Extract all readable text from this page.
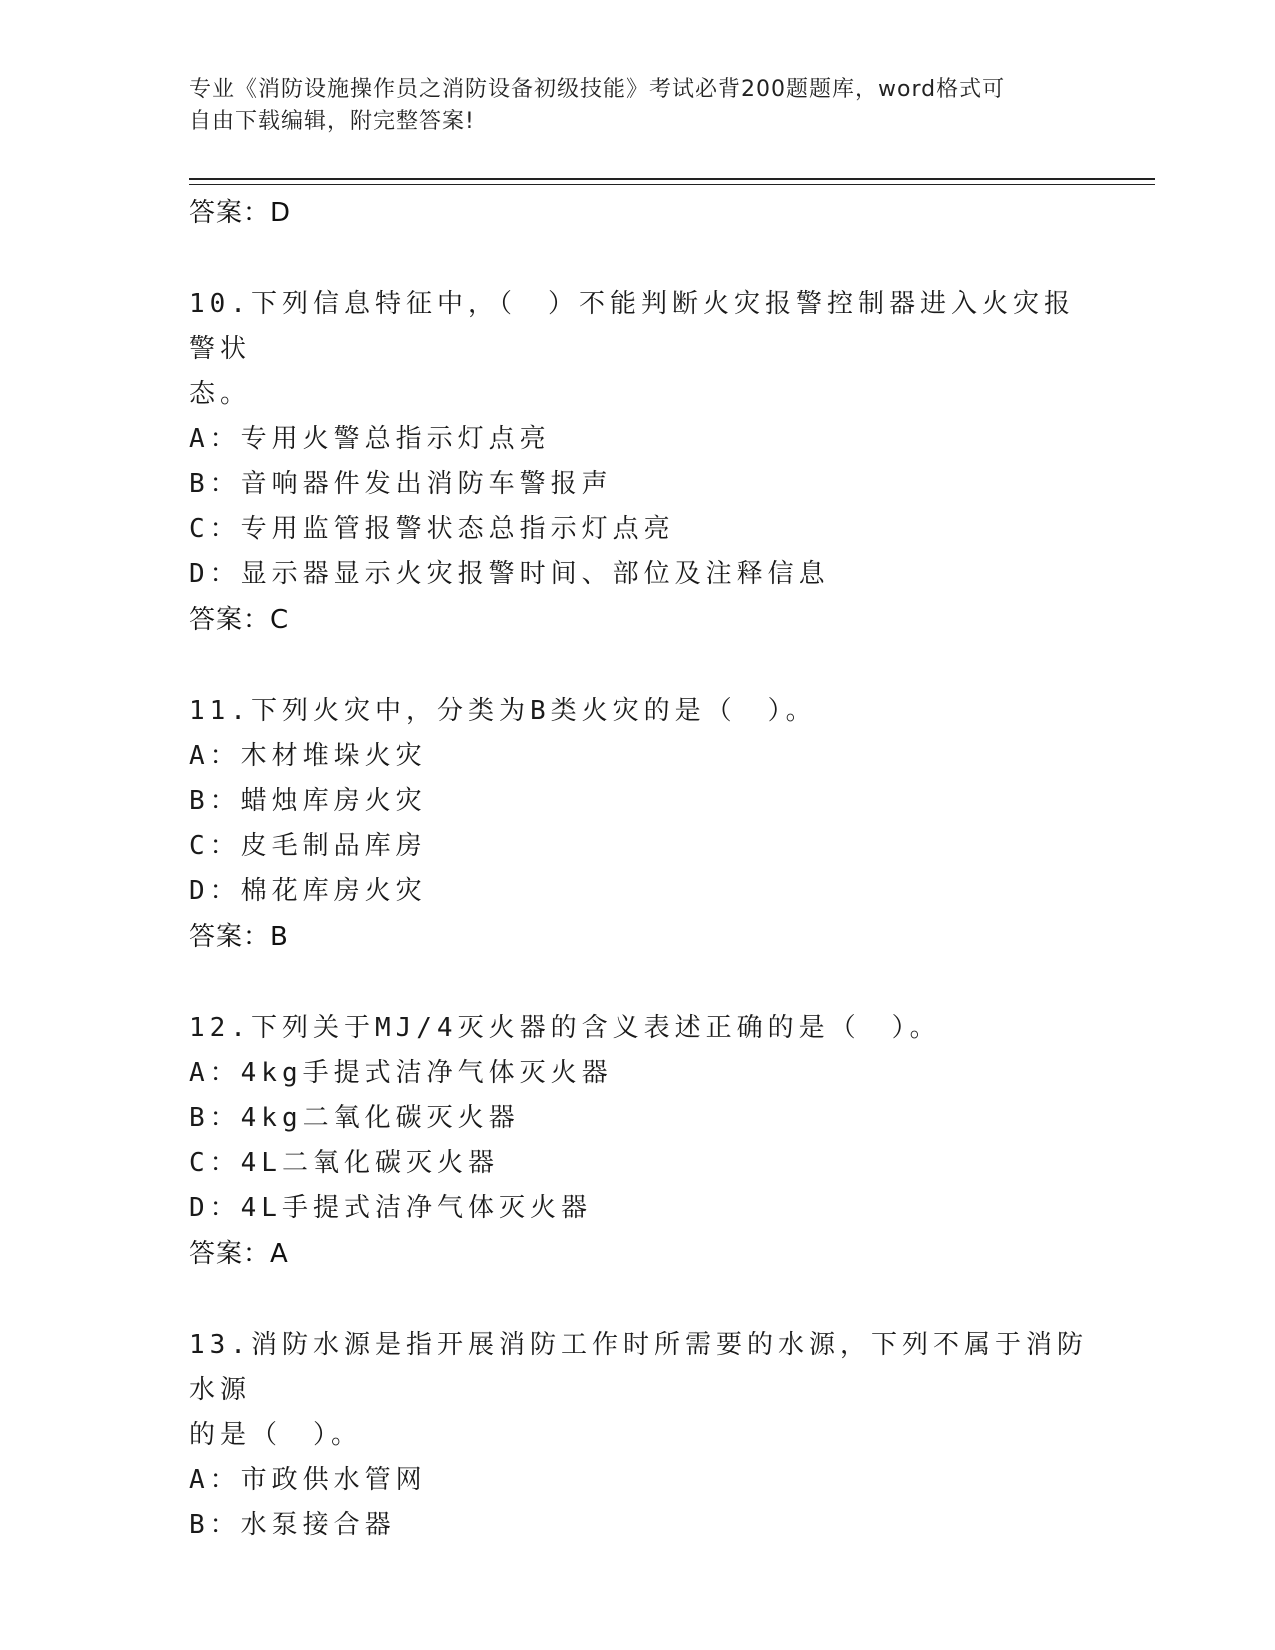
专业《消防设施操作员之消防设备初级技能》考试必背200题题库，word格式可
自由下载编辑，附完整答案!
答案：D
10.下列信息特征中，（　）不能判断火灾报警控制器进入火灾报警状
态。
A：专用火警总指示灯点亮
B：音响器件发出消防车警报声
C：专用监管报警状态总指示灯点亮
D：显示器显示火灾报警时间、部位及注释信息
答案：C
11.下列火灾中，分类为B类火灾的是（　）。
A：木材堆垛火灾
B：蜡烛库房火灾
C：皮毛制品库房
D：棉花库房火灾
答案：B
12.下列关于MJ/4灭火器的含义表述正确的是（　）。
A：4kg手提式洁净气体灭火器
B：4kg二氧化碳灭火器
C：4L二氧化碳灭火器
D：4L手提式洁净气体灭火器
答案：A
13.消防水源是指开展消防工作时所需要的水源，下列不属于消防水源
的是（　）。
A：市政供水管网
B：水泵接合器
